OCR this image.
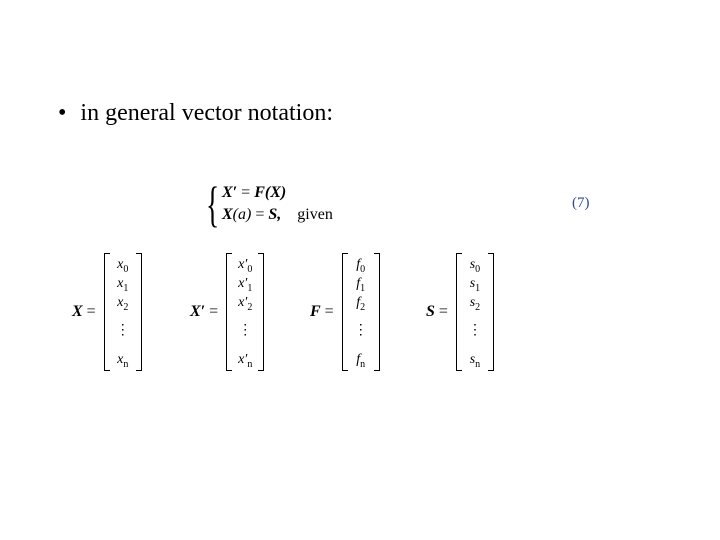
• in general vector notation:
{ X′ = F(X)
X(a) = S, given
(7)
X =
$x_0$
$x_1$
$x_2$
⋮
$x_n$
X′ =
$x'_0$
$x'_1$
$x'_2$
⋮
$x'_n$
F =
$f_0$
$f_1$
$f_2$
⋮
$f_n$
S =
$s_0$
$s_1$
$s_2$
⋮
$s_n$
